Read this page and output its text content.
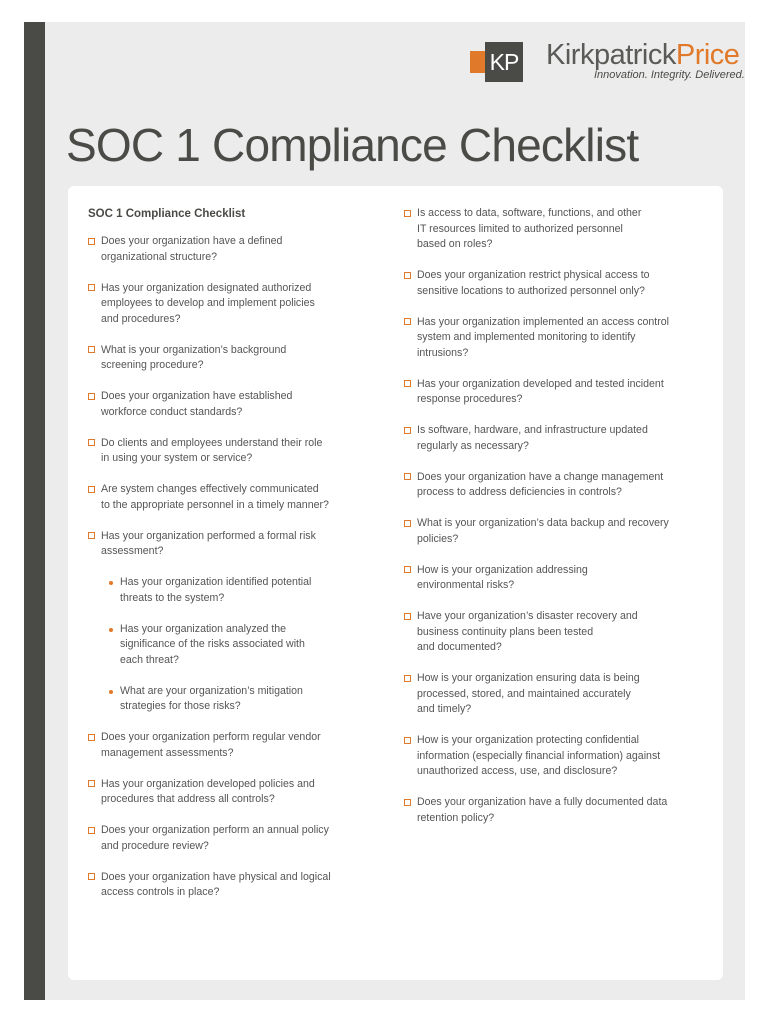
KP KirkpatrickPrice
Innovation. Integrity. Delivered.
SOC 1 Compliance Checklist
SOC 1 Compliance Checklist
Does your organization have a defined
organizational structure?
Has your organization designated authorized
employees to develop and implement policies
and procedures?
What is your organization’s background
screening procedure?
Does your organization have established
workforce conduct standards?
Do clients and employees understand their role
in using your system or service?
Are system changes effectively communicated
to the appropriate personnel in a timely manner?
Has your organization performed a formal risk
assessment?
Has your organization identified potential
threats to the system?
Has your organization analyzed the
significance of the risks associated with
each threat?
What are your organization’s mitigation
strategies for those risks?
Does your organization perform regular vendor
management assessments?
Has your organization developed policies and
procedures that address all controls?
Does your organization perform an annual policy
and procedure review?
Does your organization have physical and logical
access controls in place?
Is access to data, software, functions, and other
IT resources limited to authorized personnel
based on roles?
Does your organization restrict physical access to
sensitive locations to authorized personnel only?
Has your organization implemented an access control
system and implemented monitoring to identify
intrusions?
Has your organization developed and tested incident
response procedures?
Is software, hardware, and infrastructure updated
regularly as necessary?
Does your organization have a change management
process to address deficiencies in controls?
What is your organization’s data backup and recovery
policies?
How is your organization addressing
environmental risks?
Have your organization’s disaster recovery and
business continuity plans been tested
and documented?
How is your organization ensuring data is being
processed, stored, and maintained accurately
and timely?
How is your organization protecting confidential
information (especially financial information) against
unauthorized access, use, and disclosure?
Does your organization have a fully documented data
retention policy?
